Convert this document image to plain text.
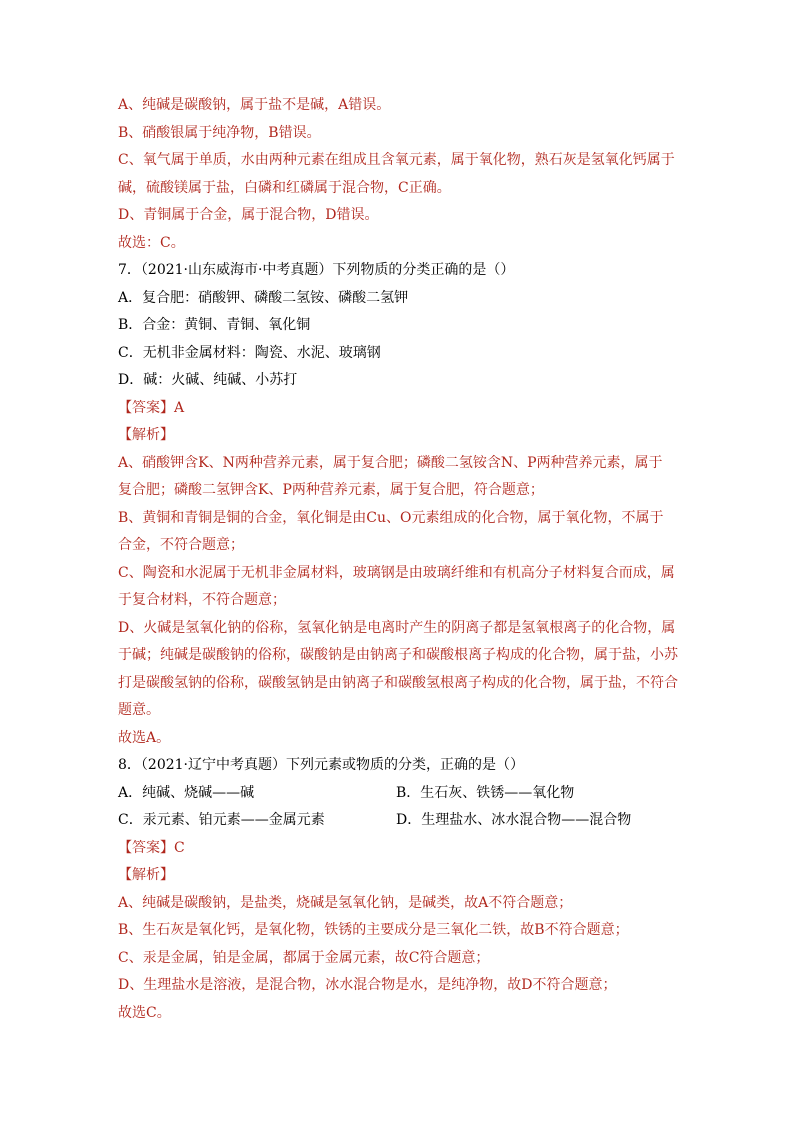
A、纯碱是碳酸钠，属于盐不是碱，A错误。
B、硝酸银属于纯净物，B错误。
C、氧气属于单质，水由两种元素在组成且含氧元素，属于氧化物，熟石灰是氢氧化钙属于
碱，硫酸镁属于盐，白磷和红磷属于混合物，C正确。
D、青铜属于合金，属于混合物，D错误。
故选：C。
7．（2021·山东威海市·中考真题）下列物质的分类正确的是（）
A．复合肥：硝酸钾、磷酸二氢铵、磷酸二氢钾
B．合金：黄铜、青铜、氧化铜
C．无机非金属材料：陶瓷、水泥、玻璃钢
D．碱：火碱、纯碱、小苏打
【答案】A
【解析】
A、硝酸钾含K、N两种营养元素，属于复合肥；磷酸二氢铵含N、P两种营养元素，属于
复合肥；磷酸二氢钾含K、P两种营养元素，属于复合肥，符合题意；
B、黄铜和青铜是铜的合金，氧化铜是由Cu、O元素组成的化合物，属于氧化物，不属于
合金，不符合题意；
C、陶瓷和水泥属于无机非金属材料，玻璃钢是由玻璃纤维和有机高分子材料复合而成，属
于复合材料，不符合题意；
D、火碱是氢氧化钠的俗称，氢氧化钠是电离时产生的阴离子都是氢氧根离子的化合物，属
于碱；纯碱是碳酸钠的俗称，碳酸钠是由钠离子和碳酸根离子构成的化合物，属于盐，小苏
打是碳酸氢钠的俗称，碳酸氢钠是由钠离子和碳酸氢根离子构成的化合物，属于盐，不符合
题意。
故选A。
8．（2021·辽宁中考真题）下列元素或物质的分类，正确的是（）
A．纯碱、烧碱——碱	B．生石灰、铁锈——氧化物
C．汞元素、铂元素——金属元素	D．生理盐水、冰水混合物——混合物
【答案】C
【解析】
A、纯碱是碳酸钠，是盐类，烧碱是氢氧化钠，是碱类，故A不符合题意；
B、生石灰是氧化钙，是氧化物，铁锈的主要成分是三氧化二铁，故B不符合题意；
C、汞是金属，铂是金属，都属于金属元素，故C符合题意；
D、生理盐水是溶液，是混合物，冰水混合物是水，是纯净物，故D不符合题意；
故选C。
